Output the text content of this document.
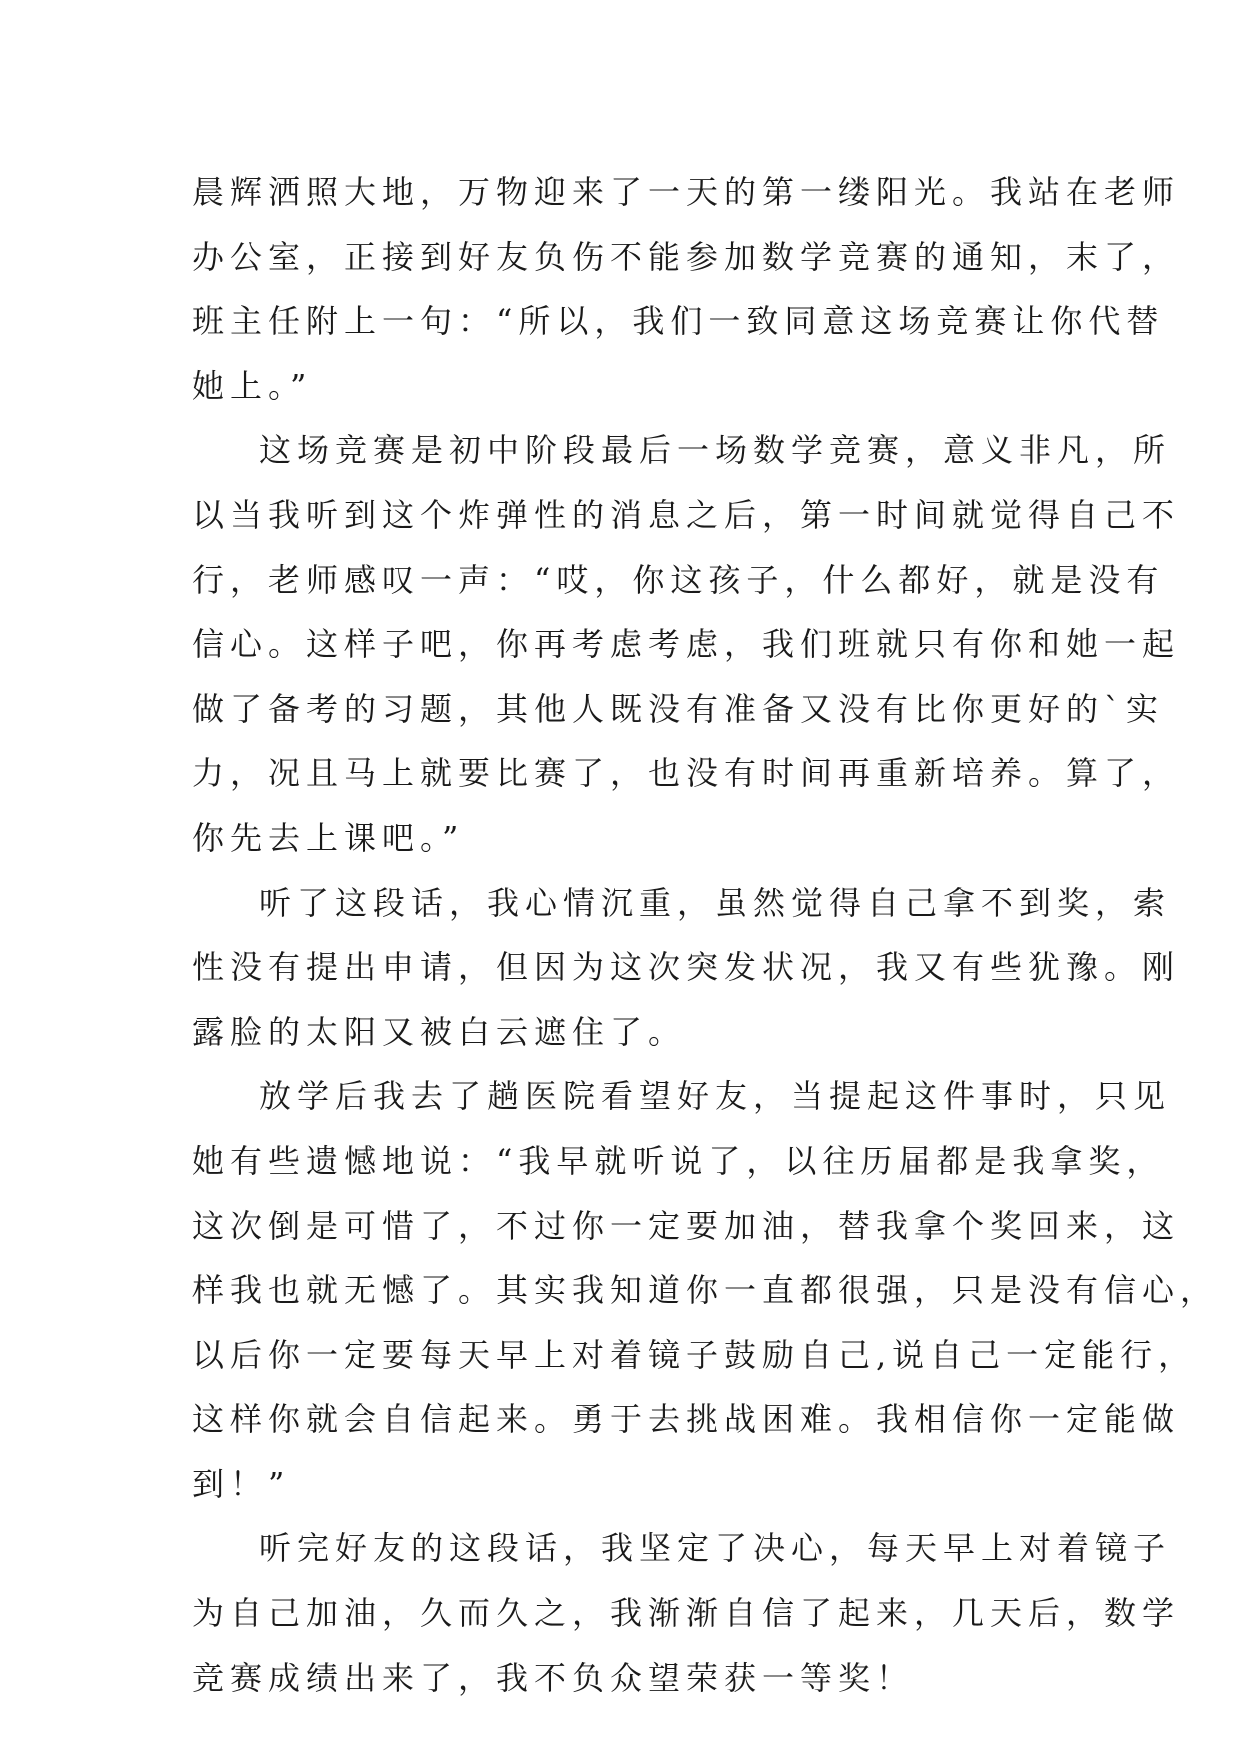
晨辉洒照大地，万物迎来了一天的第一缕阳光。我站在老师
办公室，正接到好友负伤不能参加数学竞赛的通知，末了，
班主任附上一句：“所以，我们一致同意这场竞赛让你代替
她上。”
这场竞赛是初中阶段最后一场数学竞赛，意义非凡，所
以当我听到这个炸弹性的消息之后，第一时间就觉得自己不
行，老师感叹一声：“哎，你这孩子，什么都好，就是没有
信心。这样子吧，你再考虑考虑，我们班就只有你和她一起
做了备考的习题，其他人既没有准备又没有比你更好的`实
力，况且马上就要比赛了，也没有时间再重新培养。算了，
你先去上课吧。”
听了这段话，我心情沉重，虽然觉得自己拿不到奖，索
性没有提出申请，但因为这次突发状况，我又有些犹豫。刚
露脸的太阳又被白云遮住了。
放学后我去了趟医院看望好友，当提起这件事时，只见
她有些遗憾地说：“我早就听说了，以往历届都是我拿奖，
这次倒是可惜了，不过你一定要加油，替我拿个奖回来，这
样我也就无憾了。其实我知道你一直都很强，只是没有信心，
以后你一定要每天早上对着镜子鼓励自己,说自己一定能行，
这样你就会自信起来。勇于去挑战困难。我相信你一定能做
到！”
听完好友的这段话，我坚定了决心，每天早上对着镜子
为自己加油，久而久之，我渐渐自信了起来，几天后，数学
竞赛成绩出来了，我不负众望荣获一等奖！
